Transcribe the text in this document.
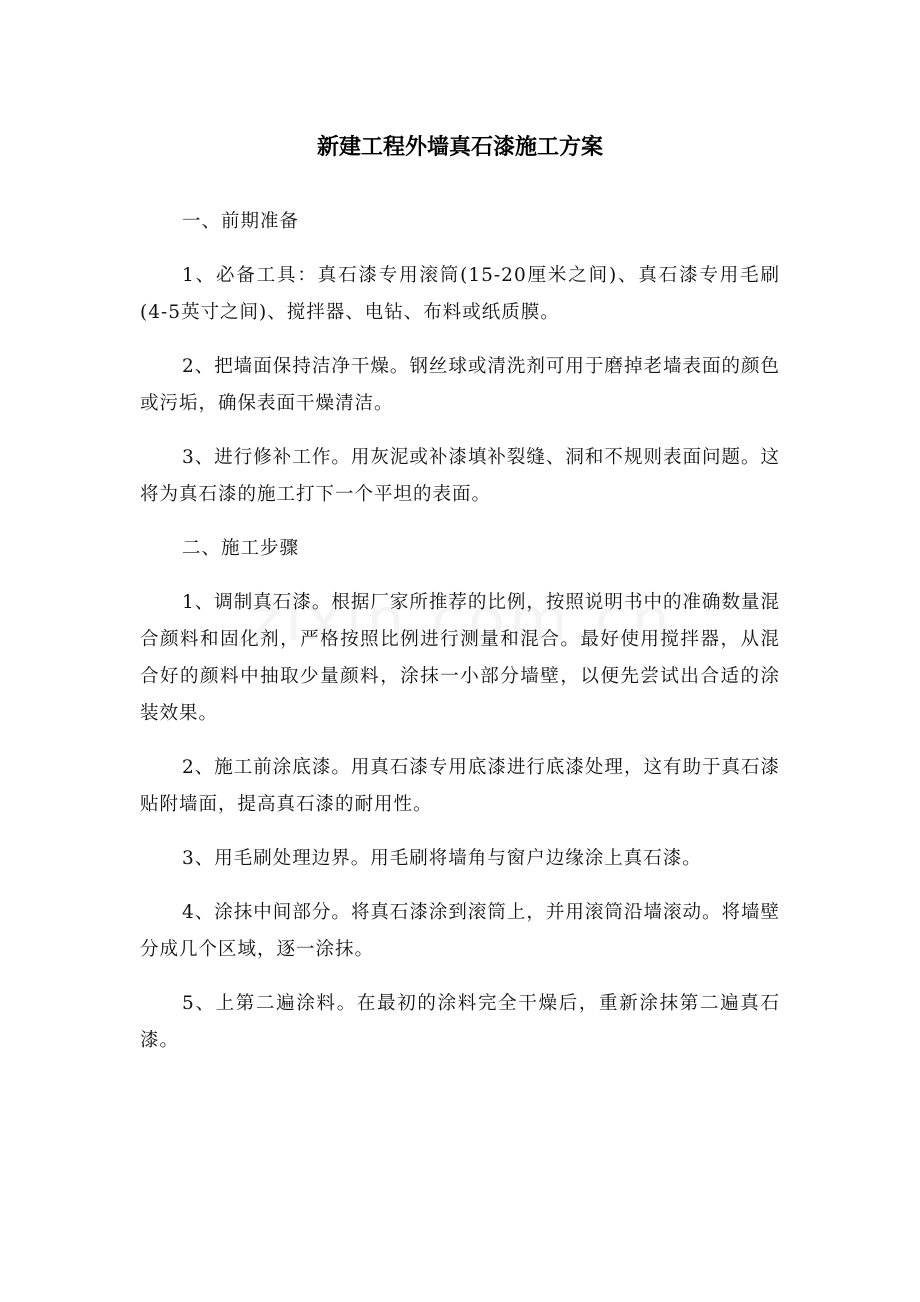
新建工程外墙真石漆施工方案

一、前期准备

1、必备工具：真石漆专用滚筒(15-20厘米之间)、真石漆专用毛刷(4-5英寸之间)、搅拌器、电钻、布料或纸质膜。

2、把墙面保持洁净干燥。钢丝球或清洗剂可用于磨掉老墙表面的颜色或污垢，确保表面干燥清洁。

3、进行修补工作。用灰泥或补漆填补裂缝、洞和不规则表面问题。这将为真石漆的施工打下一个平坦的表面。

二、施工步骤

1、调制真石漆。根据厂家所推荐的比例，按照说明书中的准确数量混合颜料和固化剂，严格按照比例进行测量和混合。最好使用搅拌器，从混合好的颜料中抽取少量颜料，涂抹一小部分墙壁，以便先尝试出合适的涂装效果。

2、施工前涂底漆。用真石漆专用底漆进行底漆处理，这有助于真石漆贴附墙面，提高真石漆的耐用性。

3、用毛刷处理边界。用毛刷将墙角与窗户边缘涂上真石漆。

4、涂抹中间部分。将真石漆涂到滚筒上，并用滚筒沿墙滚动。将墙壁分成几个区域，逐一涂抹。

5、上第二遍涂料。在最初的涂料完全干燥后，重新涂抹第二遍真石漆。
